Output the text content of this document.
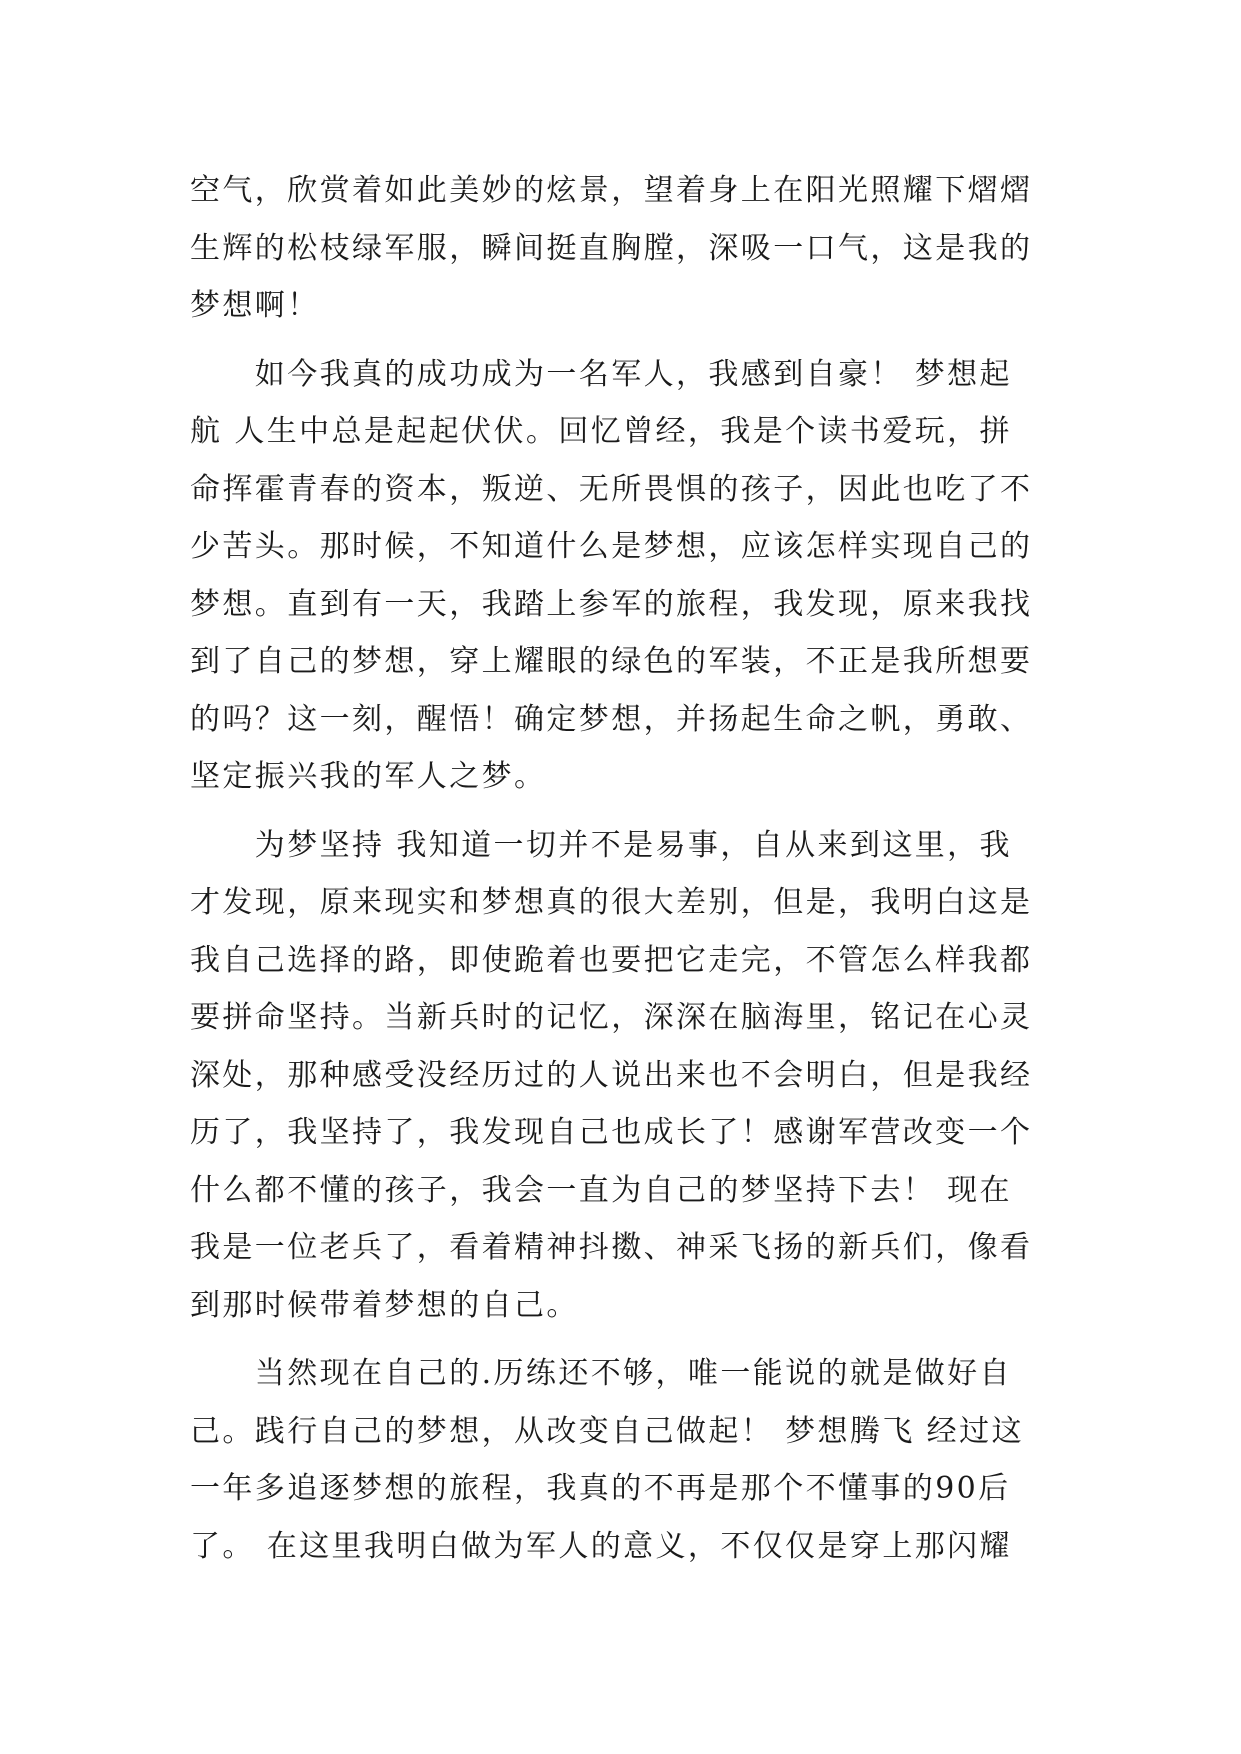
空气，欣赏着如此美妙的炫景，望着身上在阳光照耀下熠熠
生辉的松枝绿军服，瞬间挺直胸膛，深吸一口气，这是我的
梦想啊！
　　如今我真的成功成为一名军人，我感到自豪！ 梦想起
航 人生中总是起起伏伏。回忆曾经，我是个读书爱玩，拼
命挥霍青春的资本，叛逆、无所畏惧的孩子，因此也吃了不
少苦头。那时候，不知道什么是梦想，应该怎样实现自己的
梦想。直到有一天，我踏上参军的旅程，我发现，原来我找
到了自己的梦想，穿上耀眼的绿色的军装，不正是我所想要
的吗？这一刻，醒悟！确定梦想，并扬起生命之帆，勇敢、
坚定振兴我的军人之梦。
　　为梦坚持 我知道一切并不是易事，自从来到这里，我
才发现，原来现实和梦想真的很大差别，但是，我明白这是
我自己选择的路，即使跪着也要把它走完，不管怎么样我都
要拼命坚持。当新兵时的记忆，深深在脑海里，铭记在心灵
深处，那种感受没经历过的人说出来也不会明白，但是我经
历了，我坚持了，我发现自己也成长了！感谢军营改变一个
什么都不懂的孩子，我会一直为自己的梦坚持下去！ 现在
我是一位老兵了，看着精神抖擞、神采飞扬的新兵们，像看
到那时候带着梦想的自己。
　　当然现在自己的.历练还不够，唯一能说的就是做好自
己。践行自己的梦想，从改变自己做起！ 梦想腾飞 经过这
一年多追逐梦想的旅程，我真的不再是那个不懂事的90后
了。 在这里我明白做为军人的意义，不仅仅是穿上那闪耀
